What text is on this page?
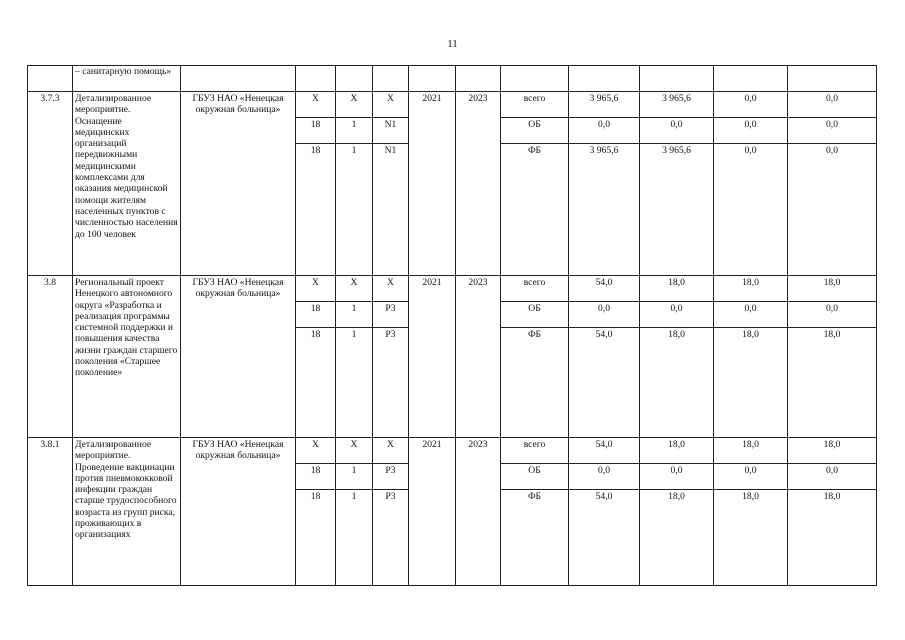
11
	– санитарную помощь»											
3.7.3	Детализированное мероприятие. Оснащение медицинских организаций передвижными медицинскими комплексами для оказания медицинской помощи жителям населенных пунктов с численностью населения до 100 человек	ГБУЗ НАО «Ненецкая окружная больница»	Х	Х	Х	2021	2023	всего	3 965,6	3 965,6	0,0	0,0
			18	1	N1			ОБ	0,0	0,0	0,0	0,0
			18	1	N1			ФБ	3 965,6	3 965,6	0,0	0,0
3.8	Региональный проект Ненецкого автономного округа «Разработка и реализация программы системной поддержки и повышения качества жизни граждан старшего поколения «Старшее поколение»	ГБУЗ НАО «Ненецкая окружная больница»	Х	Х	Х	2021	2023	всего	54,0	18,0	18,0	18,0
			18	1	Р3			ОБ	0,0	0,0	0,0	0,0
			18	1	Р3			ФБ	54,0	18,0	18,0	18,0
3.8.1	Детализированное мероприятие. Проведение вакцинации против пневмококковой инфекции граждан старше трудоспособного возраста из групп риска, проживающих в организациях	ГБУЗ НАО «Ненецкая окружная больница»	Х	Х	Х	2021	2023	всего	54,0	18,0	18,0	18,0
			18	1	Р3			ОБ	0,0	0,0	0,0	0,0
			18	1	Р3			ФБ	54,0	18,0	18,0	18,0
